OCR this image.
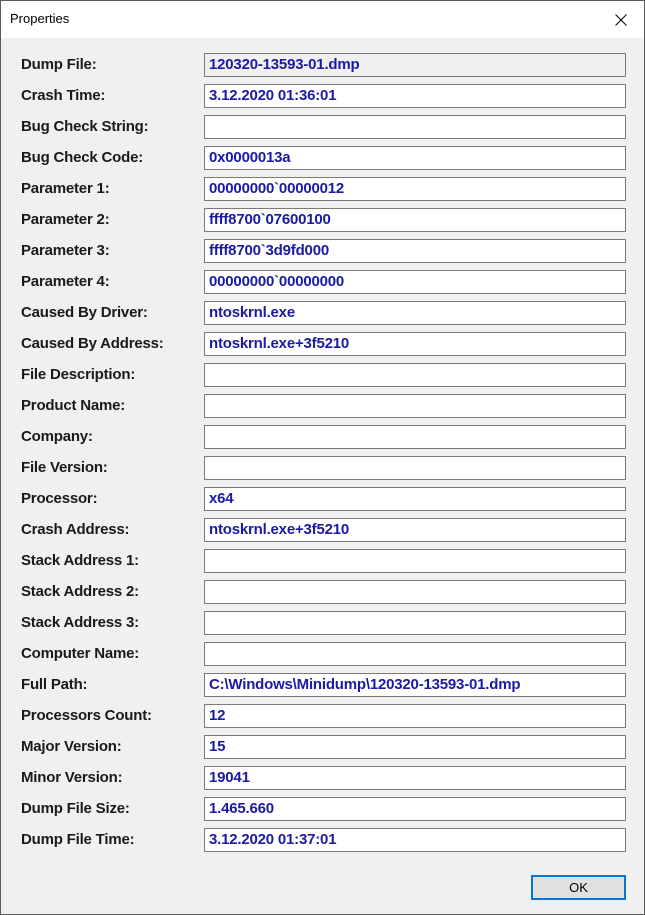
Properties
Dump File:	120320-13593-01.dmp
Crash Time:	3.12.2020 01:36:01
Bug Check String:
Bug Check Code:	0x0000013a
Parameter 1:	00000000`00000012
Parameter 2:	ffff8700`07600100
Parameter 3:	ffff8700`3d9fd000
Parameter 4:	00000000`00000000
Caused By Driver:	ntoskrnl.exe
Caused By Address:	ntoskrnl.exe+3f5210
File Description:
Product Name:
Company:
File Version:
Processor:	x64
Crash Address:	ntoskrnl.exe+3f5210
Stack Address 1:
Stack Address 2:
Stack Address 3:
Computer Name:
Full Path:	C:\Windows\Minidump\120320-13593-01.dmp
Processors Count:	12
Major Version:	15
Minor Version:	19041
Dump File Size:	1.465.660
Dump File Time:	3.12.2020 01:37:01
OK
